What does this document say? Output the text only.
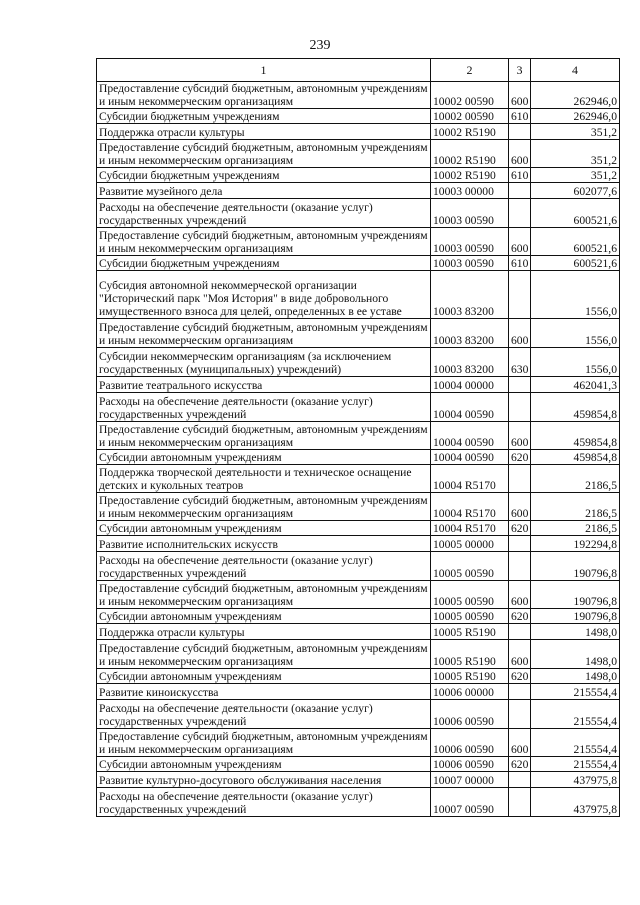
239
1	2	3	4
Предоставление субсидий бюджетным, автономным учреждениям и иным некоммерческим организациям	10002 00590	600	262946,0
Субсидии бюджетным учреждениям	10002 00590	610	262946,0
Поддержка отрасли культуры	10002 R5190		351,2
Предоставление субсидий бюджетным, автономным учреждениям и иным некоммерческим организациям	10002 R5190	600	351,2
Субсидии бюджетным учреждениям	10002 R5190	610	351,2
Развитие музейного дела	10003 00000		602077,6
Расходы на обеспечение деятельности (оказание услуг) государственных учреждений	10003 00590		600521,6
Предоставление субсидий бюджетным, автономным учреждениям и иным некоммерческим организациям	10003 00590	600	600521,6
Субсидии бюджетным учреждениям	10003 00590	610	600521,6
Субсидия автономной некоммерческой организации "Исторический парк "Моя История" в виде добровольного имущественного взноса для целей, определенных в ее уставе	10003 83200		1556,0
Предоставление субсидий бюджетным, автономным учреждениям и иным некоммерческим организациям	10003 83200	600	1556,0
Субсидии некоммерческим организациям (за исключением государственных (муниципальных) учреждений)	10003 83200	630	1556,0
Развитие театрального искусства	10004 00000		462041,3
Расходы на обеспечение деятельности (оказание услуг) государственных учреждений	10004 00590		459854,8
Предоставление субсидий бюджетным, автономным учреждениям и иным некоммерческим организациям	10004 00590	600	459854,8
Субсидии автономным учреждениям	10004 00590	620	459854,8
Поддержка творческой деятельности и техническое оснащение детских и кукольных театров	10004 R5170		2186,5
Предоставление субсидий бюджетным, автономным учреждениям и иным некоммерческим организациям	10004 R5170	600	2186,5
Субсидии автономным учреждениям	10004 R5170	620	2186,5
Развитие исполнительских искусств	10005 00000		192294,8
Расходы на обеспечение деятельности (оказание услуг) государственных учреждений	10005 00590		190796,8
Предоставление субсидий бюджетным, автономным учреждениям и иным некоммерческим организациям	10005 00590	600	190796,8
Субсидии автономным учреждениям	10005 00590	620	190796,8
Поддержка отрасли культуры	10005 R5190		1498,0
Предоставление субсидий бюджетным, автономным учреждениям и иным некоммерческим организациям	10005 R5190	600	1498,0
Субсидии автономным учреждениям	10005 R5190	620	1498,0
Развитие киноискусства	10006 00000		215554,4
Расходы на обеспечение деятельности (оказание услуг) государственных учреждений	10006 00590		215554,4
Предоставление субсидий бюджетным, автономным учреждениям и иным некоммерческим организациям	10006 00590	600	215554,4
Субсидии автономным учреждениям	10006 00590	620	215554,4
Развитие культурно-досугового обслуживания населения	10007 00000		437975,8
Расходы на обеспечение деятельности (оказание услуг) государственных учреждений	10007 00590		437975,8
